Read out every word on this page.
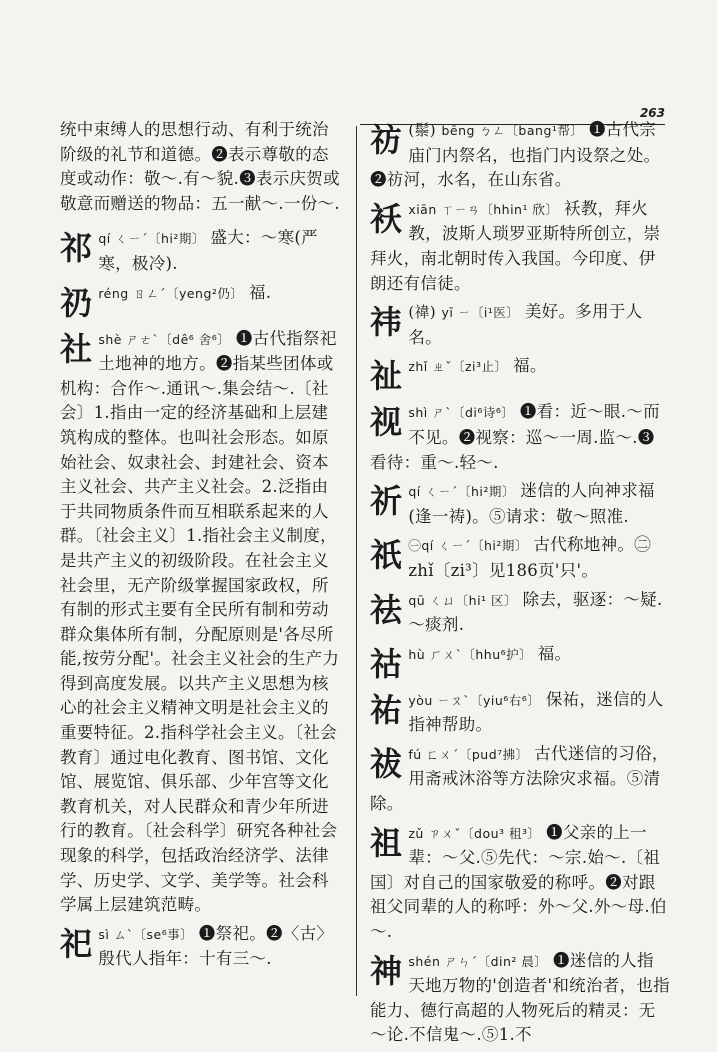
263

统中束缚人的思想行动、有利于统治阶级的礼节和道德。❷表示尊敬的态度或动作：敬～.有～貌.❸表示庆贺或敬意而赠送的物品：五一献～.一份～.

祁qí ㄑㄧˊ〔hi²期〕 盛大：～寒(严寒，极冷).
礽réng ㄖㄥˊ〔yeng²仍〕 福.
社shè ㄕㄜˋ〔dê⁶ 舍⁶〕 ❶古代指祭祀土地神的地方。❷指某些团体或机构：合作～.通讯～.集会结～.〔社会〕1.指由一定的经济基础和上层建筑构成的整体。也叫社会形态。如原始社会、奴隶社会、封建社会、资本主义社会、共产主义社会。2.泛指由于共同物质条件而互相联系起来的人群。〔社会主义〕1.指社会主义制度，是共产主义的初级阶段。在社会主义社会里，无产阶级掌握国家政权，所有制的形式主要有全民所有制和劳动群众集体所有制，分配原则是'各尽所能,按劳分配'。社会主义社会的生产力得到高度发展。以共产主义思想为核心的社会主义精神文明是社会主义的重要特征。2.指科学社会主义。〔社会教育〕通过电化教育、图书馆、文化馆、展览馆、俱乐部、少年宫等文化教育机关，对人民群众和青少年所进行的教育。〔社会科学〕研究各种社会现象的科学，包括政治经济学、法律学、历史学、文学、美学等。社会科学属上层建筑范畴。
祀sì ㄙˋ〔se⁶事〕 ❶祭祀。❷〈古〉殷代人指年：十有三～.
祊 (鬃) bēng ㄅㄥ〔bang¹帮〕 ❶古代宗庙门内祭名，也指门内设祭之处。❷祊河，水名，在山东省。
袄xiān ㄒㄧㄢ〔hhin¹ 欣〕 袄教，拜火教，波斯人琐罗亚斯特所创立，崇拜火，南北朝时传入我国。今印度、伊朗还有信徒。
祎 (禕) yī ㄧ〔i¹医〕 美好。多用于人名。
祉zhǐ ㄓˇ〔zi³止〕 福。
视shì ㄕˋ〔di⁶诗⁶〕 ❶看：近～眼.～而不见。❷视察：巡～一周.监～.❸看待：重～.轻～.
祈qí ㄑㄧˊ〔hi²期〕 迷信的人向神求福(逢一祷)。⑤请求：敬～照准.
祇 ㊀qí ㄑㄧˊ〔hi²期〕 古代称地神。㊁zhǐ〔zi³〕见186页'只'。
祛qū ㄑㄩ〔hi¹ 区〕 除去，驱逐：～疑.～痰剂.
祜hù ㄏㄨˋ〔hhu⁶护〕 福。
祐yòu ㄧㄡˋ〔yiu⁶右⁶〕 保祐，迷信的人指神帮助。
祓fú ㄈㄨˊ〔pud⁷拂〕 古代迷信的习俗，用斋戒沐浴等方法除灾求福。⑤清除。
祖zǔ ㄗㄨˇ〔dou³ 租³〕 ❶父亲的上一辈：～父.⑤先代：～宗.始～.〔祖国〕对自己的国家敬爱的称呼。❷对跟祖父同辈的人的称呼：外～父.外～母.伯～.
神shén ㄕㄣˊ〔din² 晨〕 ❶迷信的人指天地万物的'创造者'和统治者，也指能力、德行高超的人物死后的精灵：无～论.不信鬼～.⑤1.不
